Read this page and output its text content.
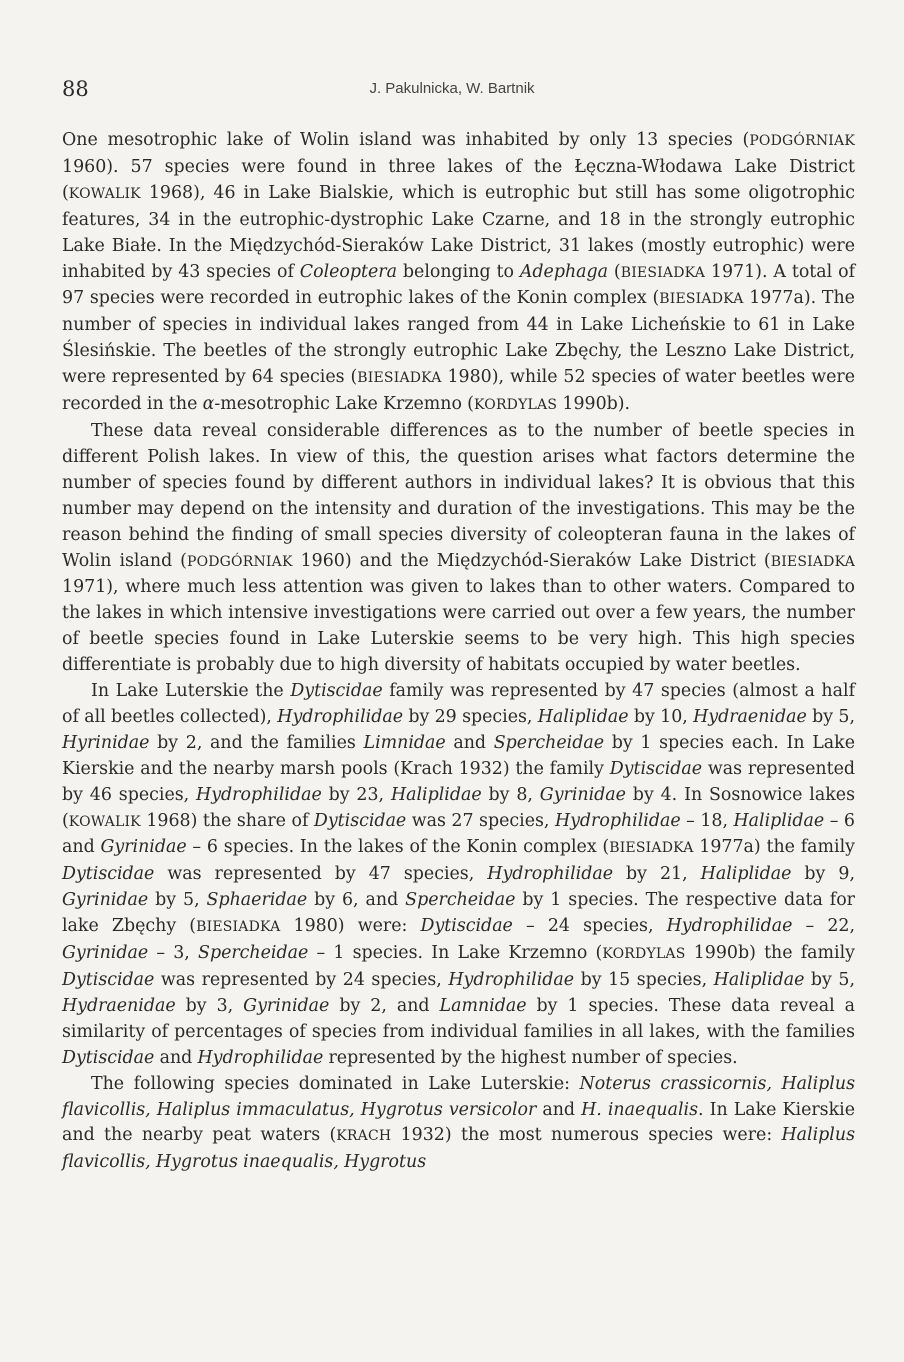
88	J. Pakulnicka, W. Bartnik

One mesotrophic lake of Wolin island was inhabited by only 13 species (PODGÓRNIAK 1960). 57 species were found in three lakes of the Łęczna-Włodawa Lake District (KOWALIK 1968), 46 in Lake Bialskie, which is eutrophic but still has some oligotrophic features, 34 in the eutrophic-dystrophic Lake Czarne, and 18 in the strongly eutrophic Lake Białe. In the Międzychód-Sieraków Lake District, 31 lakes (mostly eutrophic) were inhabited by 43 species of Coleoptera belonging to Adephaga (BIESIADKA 1971). A total of 97 species were recorded in eutrophic lakes of the Konin complex (BIESIADKA 1977a). The number of species in individual lakes ranged from 44 in Lake Licheńskie to 61 in Lake Ślesińskie. The beetles of the strongly eutrophic Lake Zbęchy, the Leszno Lake District, were represented by 64 species (BIESIADKA 1980), while 52 species of water beetles were recorded in the α-mesotrophic Lake Krzemno (KORDYLAS 1990b).

These data reveal considerable differences as to the number of beetle species in different Polish lakes. In view of this, the question arises what factors determine the number of species found by different authors in individual lakes? It is obvious that this number may depend on the intensity and duration of the investigations. This may be the reason behind the finding of small species diversity of coleopteran fauna in the lakes of Wolin island (PODGÓRNIAK 1960) and the Międzychód-Sieraków Lake District (BIESIADKA 1971), where much less attention was given to lakes than to other waters. Compared to the lakes in which intensive investigations were carried out over a few years, the number of beetle species found in Lake Luterskie seems to be very high. This high species differentiate is probably due to high diversity of habitats occupied by water beetles.

In Lake Luterskie the Dytiscidae family was represented by 47 species (almost a half of all beetles collected), Hydrophilidae by 29 species, Haliplidae by 10, Hydraenidae by 5, Hyrinidae by 2, and the families Limnidae and Spercheidae by 1 species each. In Lake Kierskie and the nearby marsh pools (Krach 1932) the family Dytiscidae was represented by 46 species, Hydrophilidae by 23, Haliplidae by 8, Gyrinidae by 4. In Sosnowice lakes (KOWALIK 1968) the share of Dytiscidae was 27 species, Hydrophilidae – 18, Haliplidae – 6 and Gyrinidae – 6 species. In the lakes of the Konin complex (BIESIADKA 1977a) the family Dytiscidae was represented by 47 species, Hydrophilidae by 21, Haliplidae by 9, Gyrinidae by 5, Sphaeridae by 6, and Spercheidae by 1 species. The respective data for lake Zbęchy (BIESIADKA 1980) were: Dytiscidae – 24 species, Hydrophilidae – 22, Gyrinidae – 3, Spercheidae – 1 species. In Lake Krzemno (KORDYLAS 1990b) the family Dytiscidae was represented by 24 species, Hydrophilidae by 15 species, Haliplidae by 5, Hydraenidae by 3, Gyrinidae by 2, and Lamnidae by 1 species. These data reveal a similarity of percentages of species from individual families in all lakes, with the families Dytiscidae and Hydrophilidae represented by the highest number of species.

The following species dominated in Lake Luterskie: Noterus crassicornis, Haliplus flavicollis, Haliplus immaculatus, Hygrotus versicolor and H. inaequalis. In Lake Kierskie and the nearby peat waters (KRACH 1932) the most numerous species were: Haliplus flavicollis, Hygrotus inaequalis, Hygrotus
